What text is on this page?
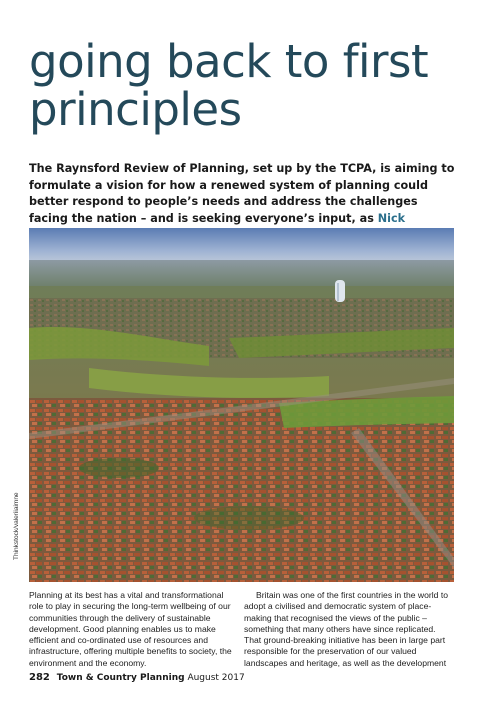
going back to first principles

The Raynsford Review of Planning, set up by the TCPA, is aiming to formulate a vision for how a renewed system of planning could better respond to people’s needs and address the challenges facing the nation – and is seeking everyone’s input, as Nick

Thinkstock/valeriiaimne

Planning at its best has a vital and transformational role to play in securing the long-term wellbeing of our communities through the delivery of sustainable development. Good planning enables us to make efficient and co-ordinated use of resources and infrastructure, offering multiple benefits to society, the environment and the economy.

Britain was one of the first countries in the world to adopt a civilised and democratic system of place-making that recognised the views of the public – something that many others have since replicated. That ground-breaking initiative has been in large part responsible for the preservation of our valued landscapes and heritage, as well as the development

282 Town & Country Planning August 2017
